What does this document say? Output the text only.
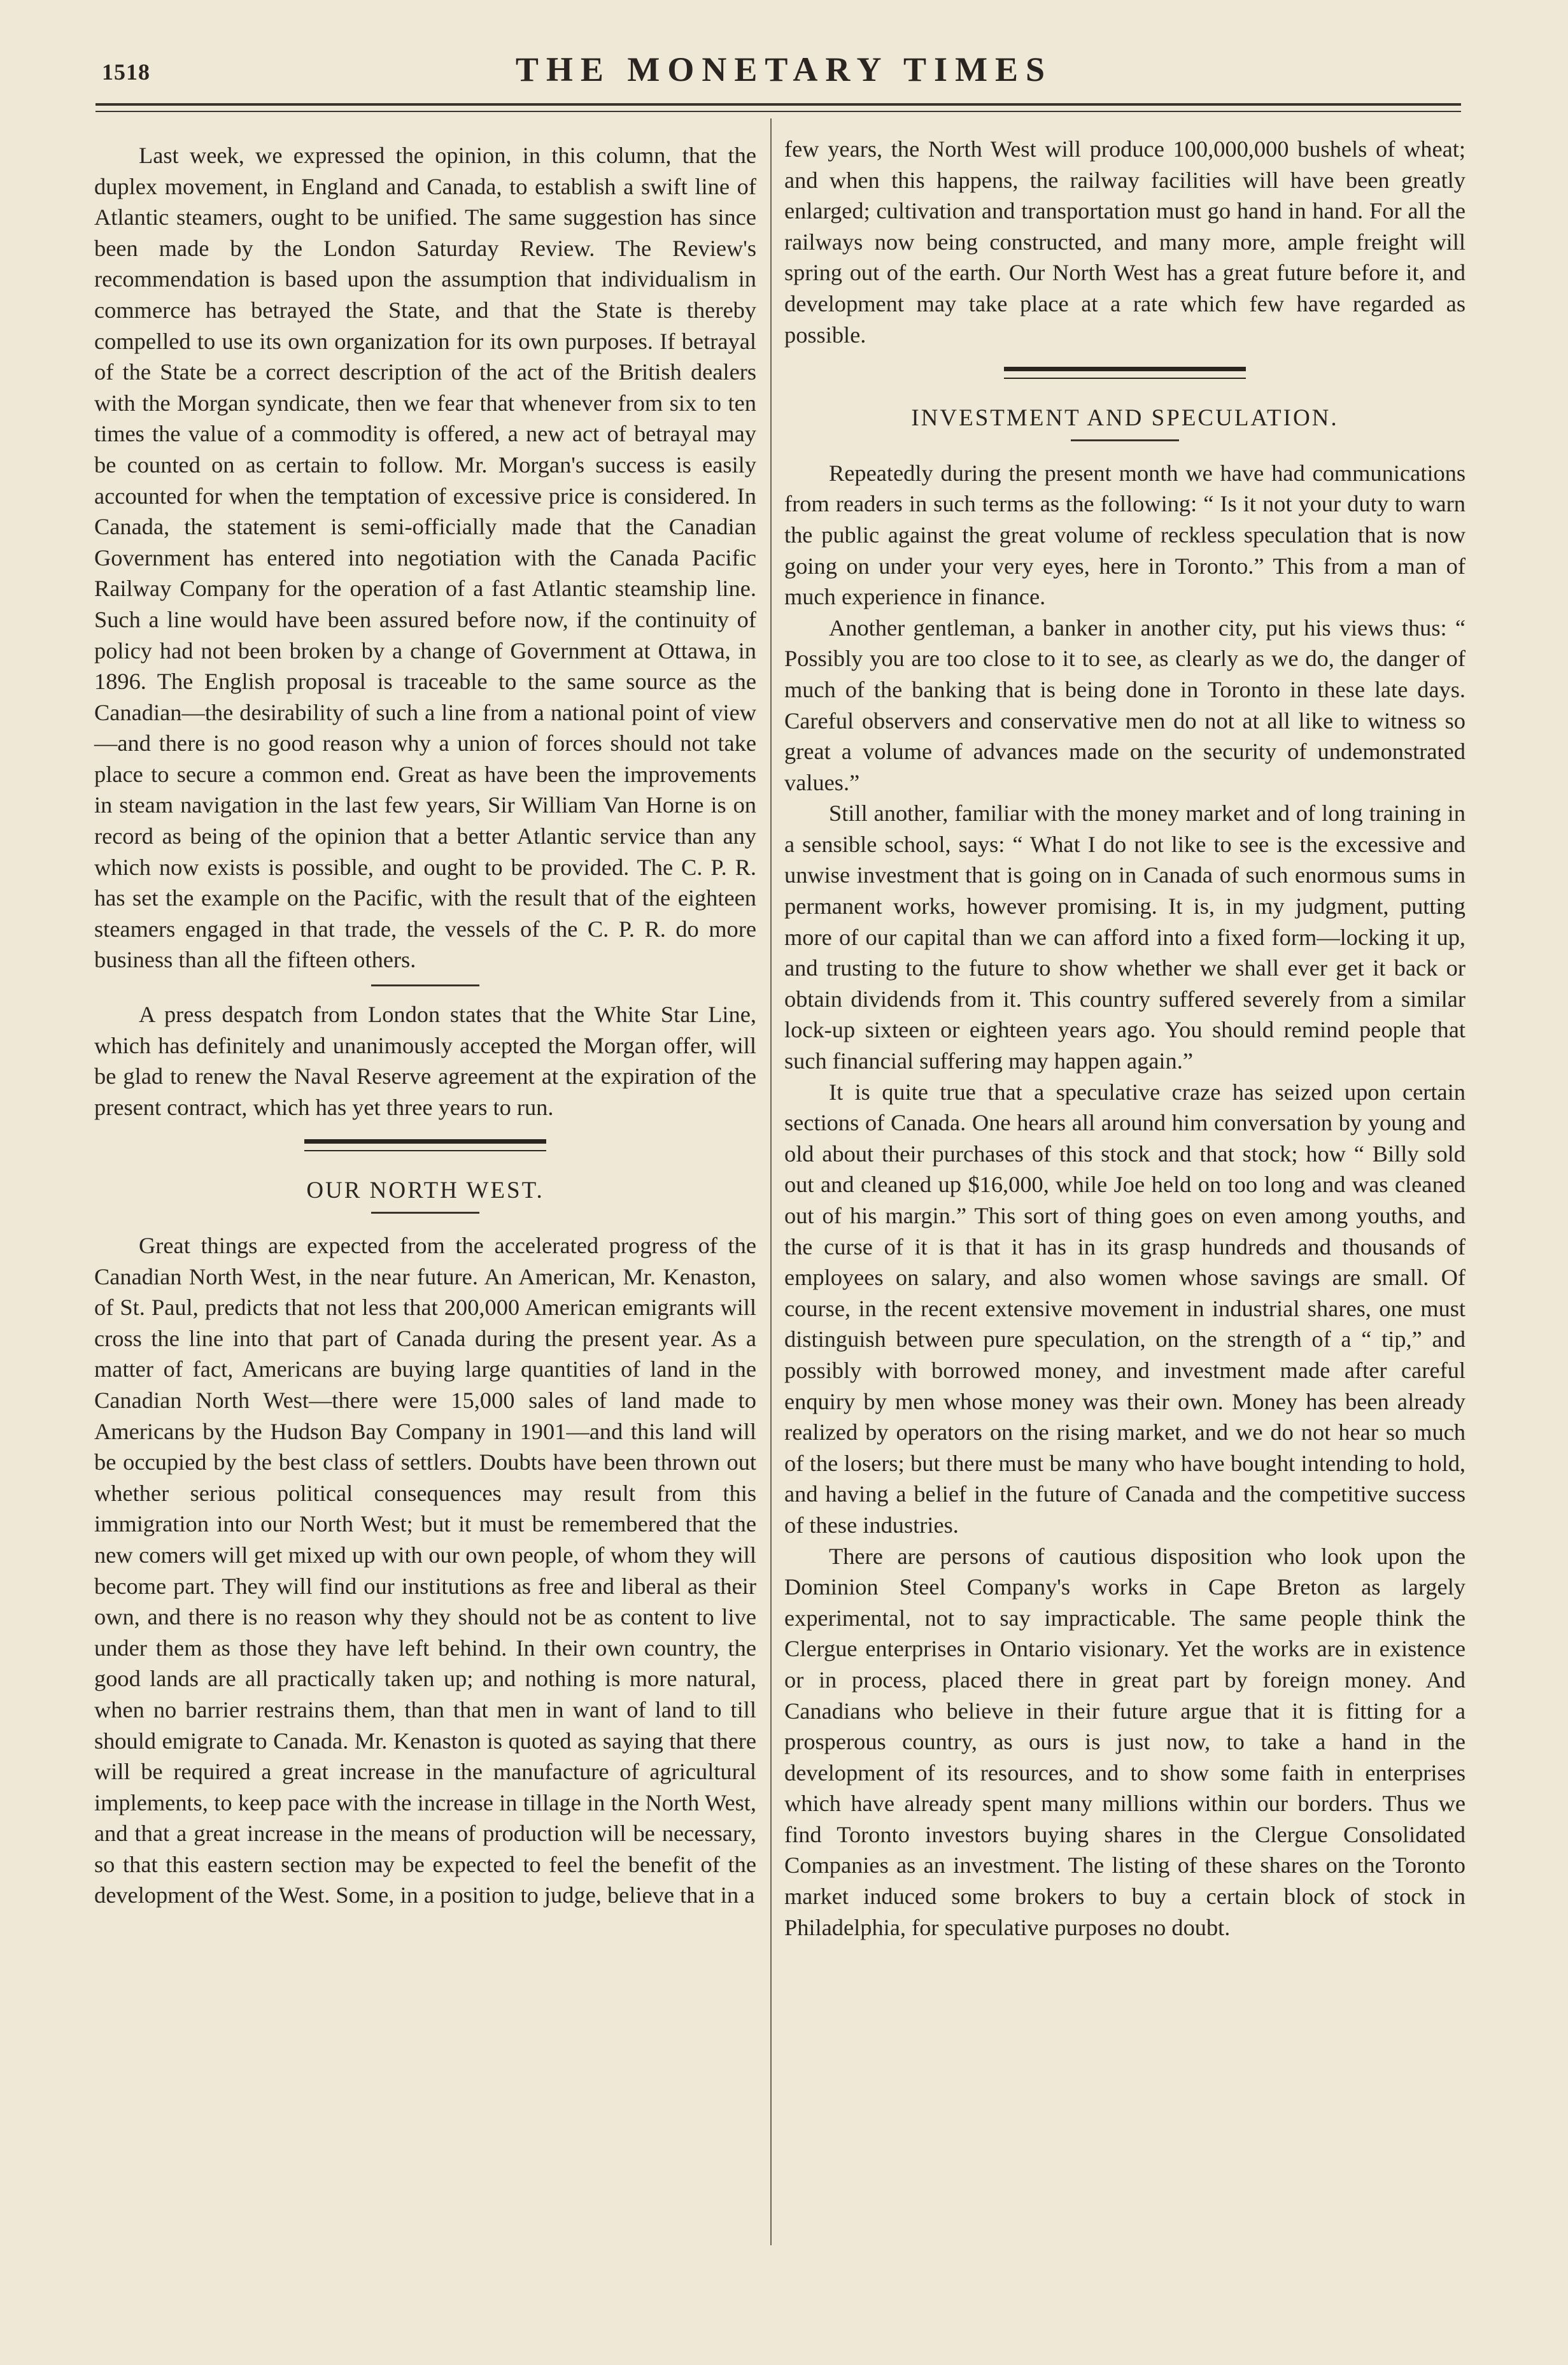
1518	THE MONETARY TIMES

Last week, we expressed the opinion, in this column, that the duplex movement, in England and Canada, to establish a swift line of Atlantic steamers, ought to be unified. The same suggestion has since been made by the London Saturday Review. The Review's recommendation is based upon the assumption that individualism in commerce has betrayed the State, and that the State is thereby compelled to use its own organization for its own purposes. If betrayal of the State be a correct description of the act of the British dealers with the Morgan syndicate, then we fear that whenever from six to ten times the value of a commodity is offered, a new act of betrayal may be counted on as certain to follow. Mr. Morgan's success is easily accounted for when the temptation of excessive price is considered. In Canada, the statement is semi-officially made that the Canadian Government has entered into negotiation with the Canada Pacific Railway Company for the operation of a fast Atlantic steamship line. Such a line would have been assured before now, if the continuity of policy had not been broken by a change of Government at Ottawa, in 1896. The English proposal is traceable to the same source as the Canadian—the desirability of such a line from a national point of view—and there is no good reason why a union of forces should not take place to secure a common end. Great as have been the improvements in steam navigation in the last few years, Sir William Van Horne is on record as being of the opinion that a better Atlantic service than any which now exists is possible, and ought to be provided. The C. P. R. has set the example on the Pacific, with the result that of the eighteen steamers engaged in that trade, the vessels of the C. P. R. do more business than all the fifteen others.

A press despatch from London states that the White Star Line, which has definitely and unanimously accepted the Morgan offer, will be glad to renew the Naval Reserve agreement at the expiration of the present contract, which has yet three years to run.

OUR NORTH WEST.

Great things are expected from the accelerated progress of the Canadian North West, in the near future. An American, Mr. Kenaston, of St. Paul, predicts that not less that 200,000 American emigrants will cross the line into that part of Canada during the present year. As a matter of fact, Americans are buying large quantities of land in the Canadian North West—there were 15,000 sales of land made to Americans by the Hudson Bay Company in 1901—and this land will be occupied by the best class of settlers. Doubts have been thrown out whether serious political consequences may result from this immigration into our North West; but it must be remembered that the new comers will get mixed up with our own people, of whom they will become part. They will find our institutions as free and liberal as their own, and there is no reason why they should not be as content to live under them as those they have left behind. In their own country, the good lands are all practically taken up; and nothing is more natural, when no barrier restrains them, than that men in want of land to till should emigrate to Canada. Mr. Kenaston is quoted as saying that there will be required a great increase in the manufacture of agricultural implements, to keep pace with the increase in tillage in the North West, and that a great increase in the means of production will be necessary, so that this eastern section may be expected to feel the benefit of the development of the West. Some, in a position to judge, believe that in a

few years, the North West will produce 100,000,000 bushels of wheat; and when this happens, the railway facilities will have been greatly enlarged; cultivation and transportation must go hand in hand. For all the railways now being constructed, and many more, ample freight will spring out of the earth. Our North West has a great future before it, and development may take place at a rate which few have regarded as possible.

INVESTMENT AND SPECULATION.

Repeatedly during the present month we have had communications from readers in such terms as the following: “ Is it not your duty to warn the public against the great volume of reckless speculation that is now going on under your very eyes, here in Toronto.” This from a man of much experience in finance.

Another gentleman, a banker in another city, put his views thus: “ Possibly you are too close to it to see, as clearly as we do, the danger of much of the banking that is being done in Toronto in these late days. Careful observers and conservative men do not at all like to witness so great a volume of advances made on the security of undemonstrated values.”

Still another, familiar with the money market and of long training in a sensible school, says: “ What I do not like to see is the excessive and unwise investment that is going on in Canada of such enormous sums in permanent works, however promising. It is, in my judgment, putting more of our capital than we can afford into a fixed form—locking it up, and trusting to the future to show whether we shall ever get it back or obtain dividends from it. This country suffered severely from a similar lock-up sixteen or eighteen years ago. You should remind people that such financial suffering may happen again.”

It is quite true that a speculative craze has seized upon certain sections of Canada. One hears all around him conversation by young and old about their purchases of this stock and that stock; how “ Billy sold out and cleaned up $16,000, while Joe held on too long and was cleaned out of his margin.” This sort of thing goes on even among youths, and the curse of it is that it has in its grasp hundreds and thousands of employees on salary, and also women whose savings are small. Of course, in the recent extensive movement in industrial shares, one must distinguish between pure speculation, on the strength of a “ tip,” and possibly with borrowed money, and investment made after careful enquiry by men whose money was their own. Money has been already realized by operators on the rising market, and we do not hear so much of the losers; but there must be many who have bought intending to hold, and having a belief in the future of Canada and the competitive success of these industries.

There are persons of cautious disposition who look upon the Dominion Steel Company's works in Cape Breton as largely experimental, not to say impracticable. The same people think the Clergue enterprises in Ontario visionary. Yet the works are in existence or in process, placed there in great part by foreign money. And Canadians who believe in their future argue that it is fitting for a prosperous country, as ours is just now, to take a hand in the development of its resources, and to show some faith in enterprises which have already spent many millions within our borders. Thus we find Toronto investors buying shares in the Clergue Consolidated Companies as an investment. The listing of these shares on the Toronto market induced some brokers to buy a certain block of stock in Philadelphia, for speculative purposes no doubt.
